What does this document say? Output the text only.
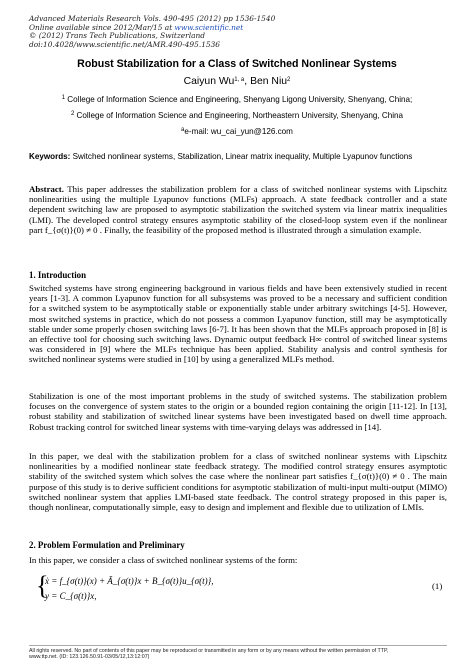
Advanced Materials Research Vols. 490-495 (2012) pp 1536-1540
Online available since 2012/Mar/15 at www.scientific.net
© (2012) Trans Tech Publications, Switzerland
doi:10.4028/www.scientific.net/AMR.490-495.1536
Robust Stabilization for a Class of Switched Nonlinear Systems
Caiyun Wu$^{1, a}$, Ben Niu$^2$
$^1$ College of Information Science and Engineering, Shenyang Ligong University, Shenyang, China;
$^2$ College of Information Science and Engineering, Northeastern University, Shenyang, China
$^a$e-mail: wu_cai_yun@126.com
Keywords: Switched nonlinear systems, Stabilization, Linear matrix inequality, Multiple Lyapunov functions
Abstract. This paper addresses the stabilization problem for a class of switched nonlinear systems with Lipschitz nonlinearities using the multiple Lyapunov functions (MLFs) approach. A state feedback controller and a state dependent switching law are proposed to asymptotic stabilization the switched system via linear matrix inequalities (LMI). The developed control strategy ensures asymptotic stability of the closed-loop system even if the nonlinear part f_{σ(t)}(0) ≠ 0 . Finally, the feasibility of the proposed method is illustrated through a simulation example.
1. Introduction
Switched systems have strong engineering background in various fields and have been extensively studied in recent years [1-3]. A common Lyapunov function for all subsystems was proved to be a necessary and sufficient condition for a switched system to be asymptotically stable or exponentially stable under arbitrary switchings [4-5]. However, most switched systems in practice, which do not possess a common Lyapunov function, still may be asymptotically stable under some properly chosen switching laws [6-7]. It has been shown that the MLFs approach proposed in [8] is an effective tool for choosing such switching laws. Dynamic output feedback H∞ control of switched linear systems was considered in [9] where the MLFs technique has been applied. Stability analysis and control synthesis for switched nonlinear systems were studied in [10] by using a generalized MLFs method.
Stabilization is one of the most important problems in the study of switched systems. The stabilization problem focuses on the convergence of system states to the origin or a bounded region containing the origin [11-12]. In [13], robust stability and stabilization of switched linear systems have been investigated based on dwell time approach. Robust tracking control for switched linear systems with time-varying delays was addressed in [14].
In this paper, we deal with the stabilization problem for a class of switched nonlinear systems with Lipschitz nonlinearities by a modified nonlinear state feedback strategy. The modified control strategy ensures asymptotic stability of the switched system which solves the case where the nonlinear part satisfies f_{σ(t)}(0) ≠ 0 . The main purpose of this study is to derive sufficient conditions for asymptotic stabilization of multi-input multi-output (MIMO) switched nonlinear system that applies LMI-based state feedback. The control strategy proposed in this paper is, though nonlinear, computationally simple, easy to design and implement and flexible due to utilization of LMIs.
2. Problem Formulation and Preliminary
In this paper, we consider a class of switched nonlinear systems of the form:
{
ẋ = f_{σ(t)}(x) + Ã_{σ(t)}x + B_{σ(t)}u_{σ(t)},
y = C_{σ(t)}x,
(1)
All rights reserved. No part of contents of this paper may be reproduced or transmitted in any form or by any means without the written permission of TTP,
www.ttp.net. (ID: 123.126.50.91-03/05/12,13:12:07)
